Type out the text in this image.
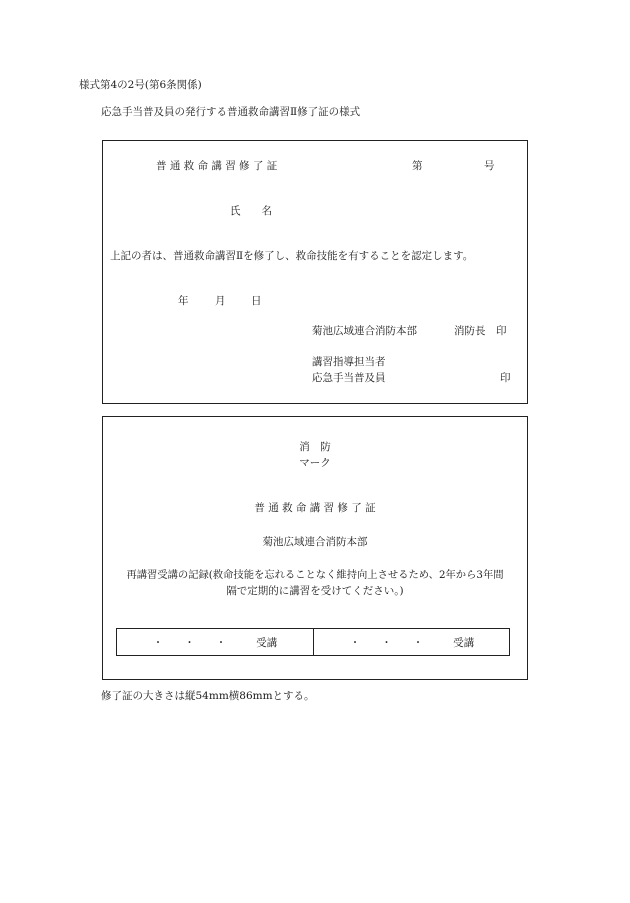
様式第4の2号(第6条関係)
応急手当普及員の発行する普通救命講習Ⅱ修了証の様式
普 通 救 命 講 習 修 了 証	第	号
氏　　名
上記の者は、普通救命講習Ⅱを修了し、救命技能を有することを認定します。
年	月 日
菊池広域連合消防本部	消防長　印
講習指導担当者
応急手当普及員	印
消　防
マーク
普 通 救 命 講 習 修 了 証
菊池広域連合消防本部
再講習受講の記録(救命技能を忘れることなく維持向上させるため、2年から3年間
隔で定期的に講習を受けてください。)
・　　・　　・	受講	・　　・　　・	受講
修了証の大きさは縦54mm横86mmとする。
